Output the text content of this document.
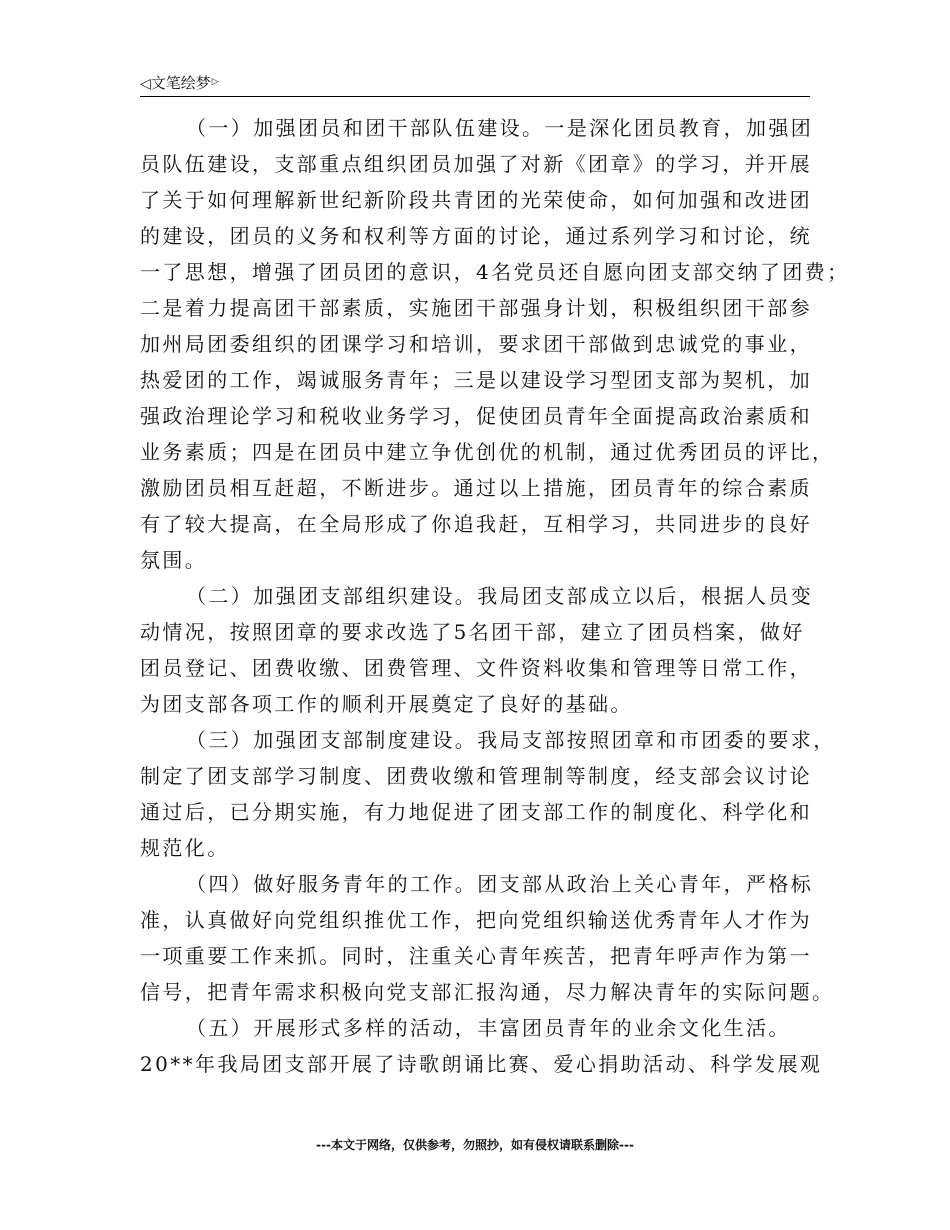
◁文笔绘梦▷
（一）加强团员和团干部队伍建设。一是深化团员教育，加强团
员队伍建设，支部重点组织团员加强了对新《团章》的学习，并开展
了关于如何理解新世纪新阶段共青团的光荣使命，如何加强和改进团
的建设，团员的义务和权利等方面的讨论，通过系列学习和讨论，统
一了思想，增强了团员团的意识，4名党员还自愿向团支部交纳了团费；
二是着力提高团干部素质，实施团干部强身计划，积极组织团干部参
加州局团委组织的团课学习和培训，要求团干部做到忠诚党的事业，
热爱团的工作，竭诚服务青年；三是以建设学习型团支部为契机，加
强政治理论学习和税收业务学习，促使团员青年全面提高政治素质和
业务素质；四是在团员中建立争优创优的机制，通过优秀团员的评比，
激励团员相互赶超，不断进步。通过以上措施，团员青年的综合素质
有了较大提高，在全局形成了你追我赶，互相学习，共同进步的良好
氛围。
（二）加强团支部组织建设。我局团支部成立以后，根据人员变
动情况，按照团章的要求改选了5名团干部，建立了团员档案，做好
团员登记、团费收缴、团费管理、文件资料收集和管理等日常工作，
为团支部各项工作的顺利开展奠定了良好的基础。
（三）加强团支部制度建设。我局支部按照团章和市团委的要求，
制定了团支部学习制度、团费收缴和管理制等制度，经支部会议讨论
通过后，已分期实施，有力地促进了团支部工作的制度化、科学化和
规范化。
（四）做好服务青年的工作。团支部从政治上关心青年，严格标
准，认真做好向党组织推优工作，把向党组织输送优秀青年人才作为
一项重要工作来抓。同时，注重关心青年疾苦，把青年呼声作为第一
信号，把青年需求积极向党支部汇报沟通，尽力解决青年的实际问题。
（五）开展形式多样的活动，丰富团员青年的业余文化生活。
20**年我局团支部开展了诗歌朗诵比赛、爱心捐助活动、科学发展观
---本文于网络，仅供参考，勿照抄，如有侵权请联系删除---
